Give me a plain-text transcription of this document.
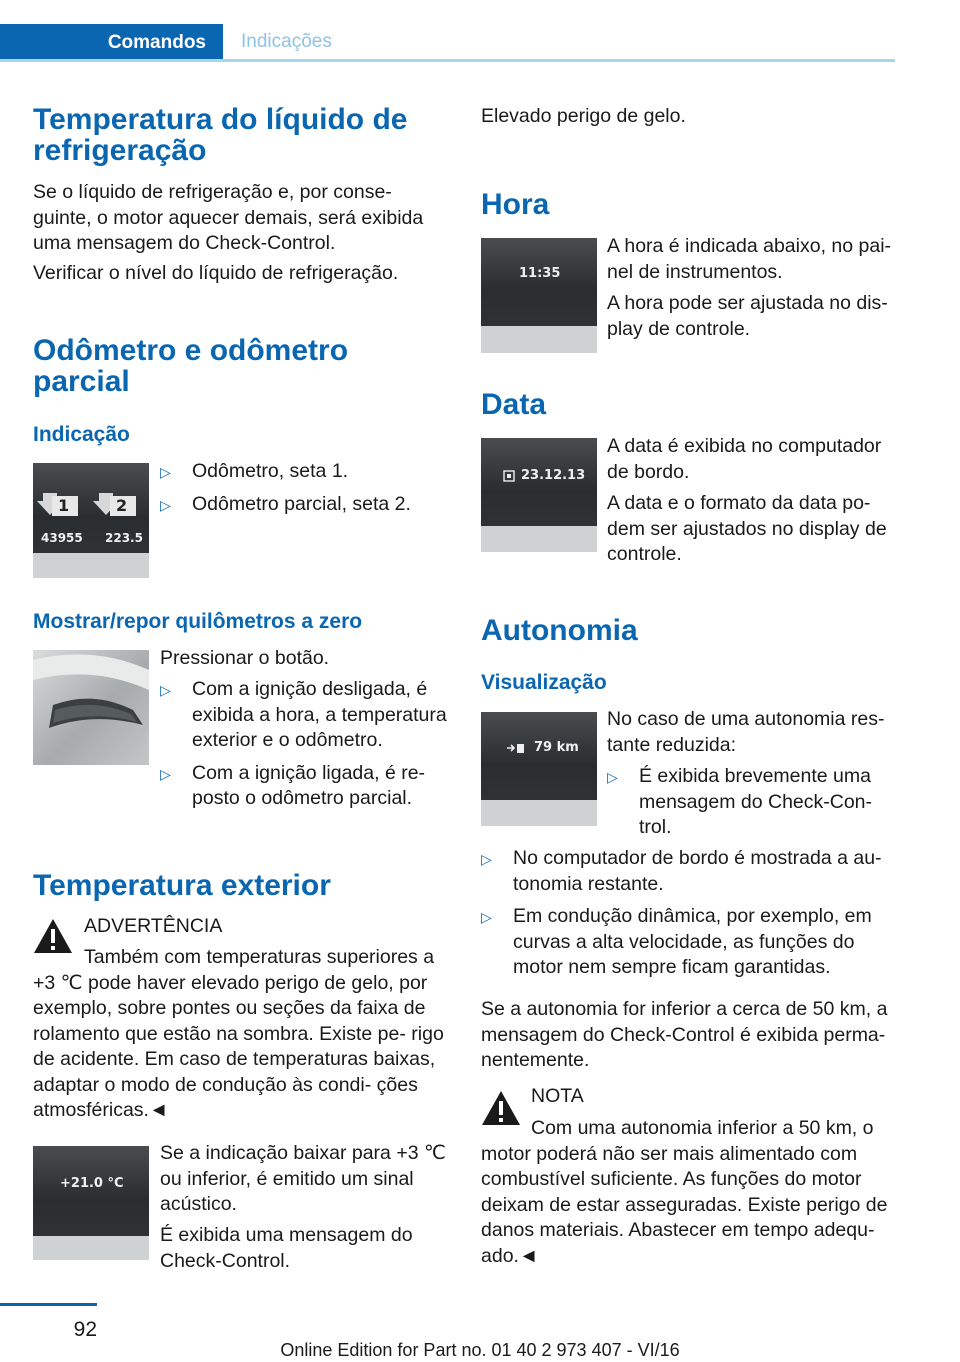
Comandos Indicações
Temperatura do líquido de refrigeração

Se o líquido de refrigeração e, por conse- guinte, o motor aquecer demais, será exibida uma mensagem do Check-Control.

Verificar o nível do líquido de refrigeração.

Odômetro e odômetro parcial
Indicação
1	2
43955 223.5
▷ Odômetro, seta 1.
▷ Odômetro parcial, seta 2.
Mostrar/repor quilômetros a zero

Pressionar o botão.

▷ Com a ignição desligada, é exibida a hora, a temperatura exterior e o odômetro.
▷ Com a ignição ligada, é re- posto o odômetro parcial.
Temperatura exterior

ADVERTÊNCIA

Também com temperaturas superiores a +3 ℃ pode haver elevado perigo de gelo, por exemplo, sobre pontes ou seções da faixa de rolamento que estão na sombra. Existe pe- rigo de acidente. Em caso de temperaturas baixas, adaptar o modo de condução às condi- ções atmosféricas.◄

+21.0 °C

Se a indicação baixar para +3 ℃ ou inferior, é emitido um sinal acústico.

É exibida uma mensagem do Check-Control.

Elevado perigo de gelo.

Hora
11:35

A hora é indicada abaixo, no pai- nel de instrumentos.

A hora pode ser ajustada no dis- play de controle.

Data
23.12.13

A data é exibida no computador de bordo.

A data e o formato da data po- dem ser ajustados no display de controle.

Autonomia
Visualização
79 km

No caso de uma autonomia res- tante reduzida:

▷ É exibida brevemente uma mensagem do Check-Con- trol.
▷ No computador de bordo é mostrada a au- tonomia restante.
▷ Em condução dinâmica, por exemplo, em curvas a alta velocidade, as funções do motor nem sempre ficam garantidas.

Se a autonomia for inferior a cerca de 50 km, a mensagem do Check-Control é exibida perma- nentemente.

NOTA

Com uma autonomia inferior a 50 km, o motor poderá não ser mais alimentado com combustível suficiente. As funções do motor deixam de estar asseguradas. Existe perigo de danos materiais. Abastecer em tempo adequ- ado.◄

92
Online Edition for Part no. 01 40 2 973 407 - VI/16
